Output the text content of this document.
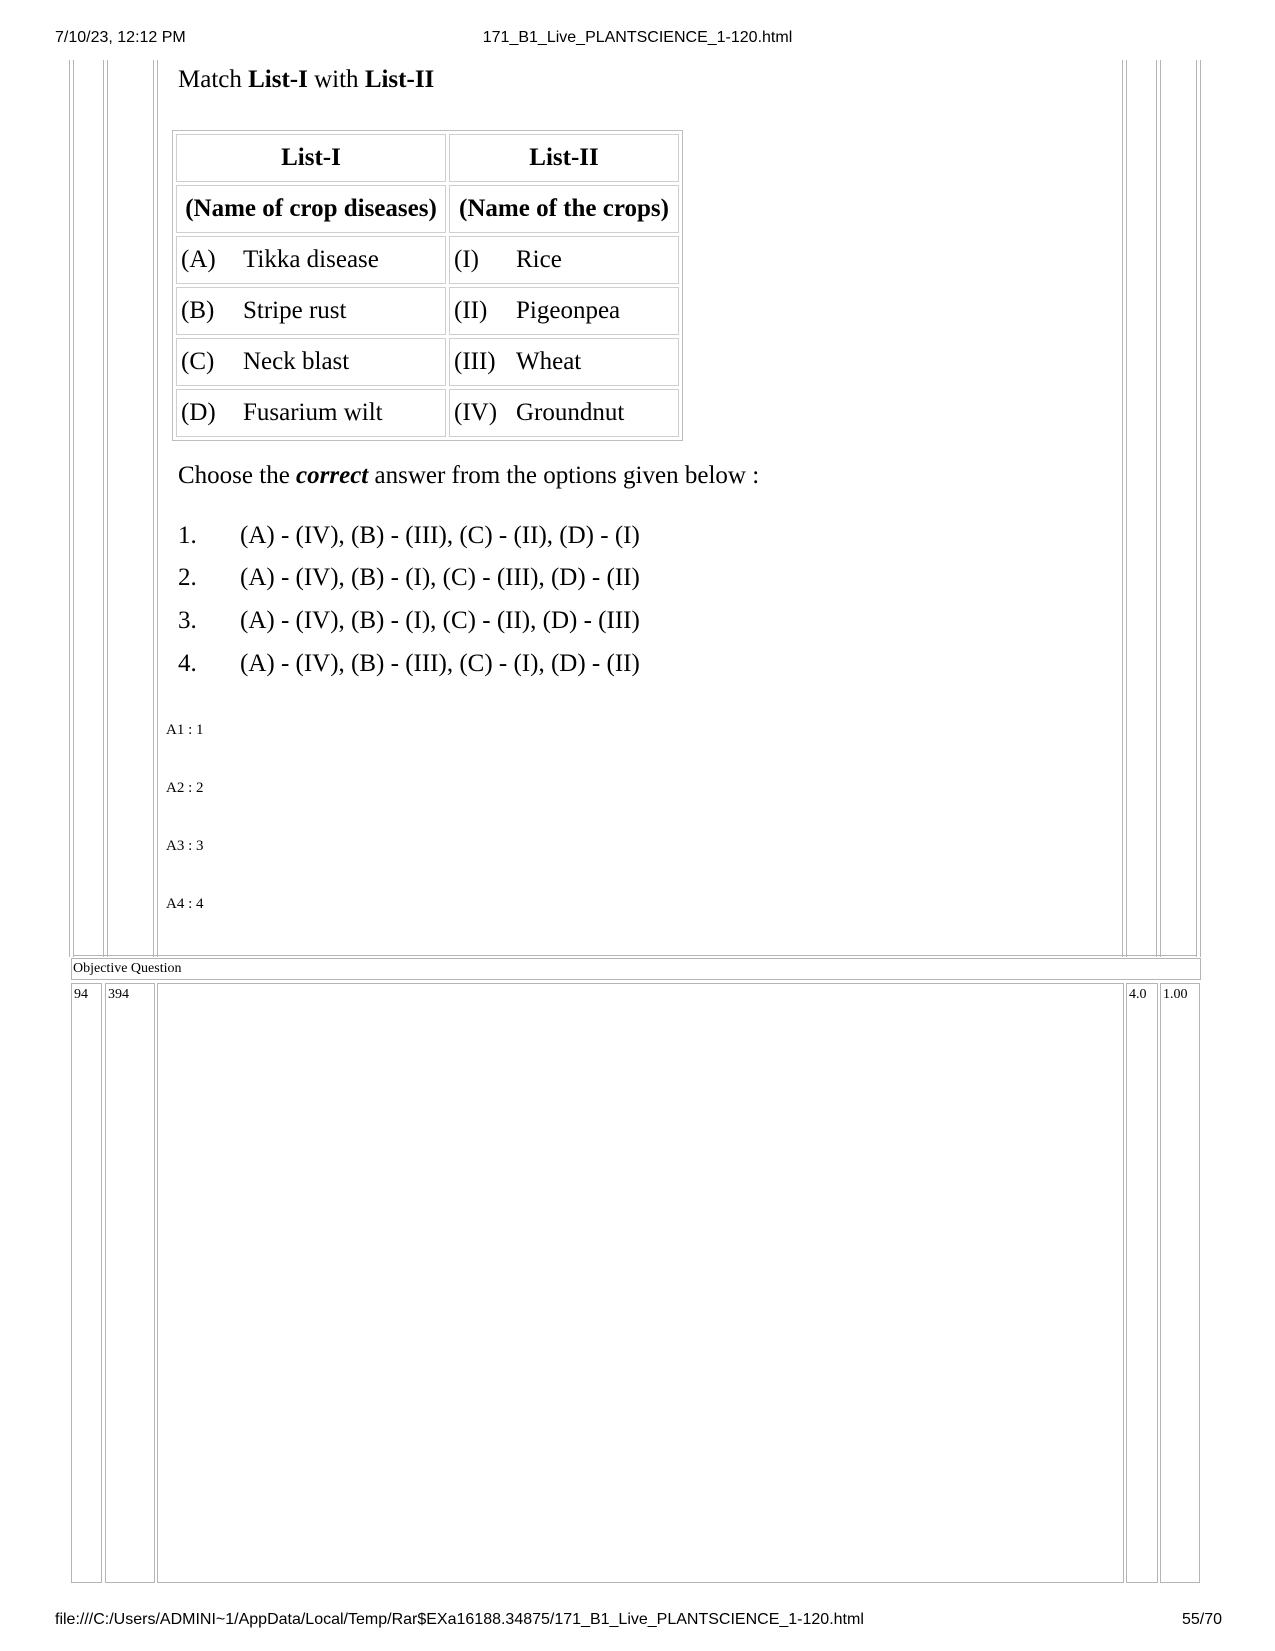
7/10/23, 12:12 PM	171_B1_Live_PLANTSCIENCE_1-120.html
Match List-I with List-II
List-I	List-II
(Name of crop diseases)	(Name of the crops)
(A) Tikka disease	(I) Rice
(B) Stripe rust	(II) Pigeonpea
(C) Neck blast	(III) Wheat
(D) Fusarium wilt	(IV) Groundnut
Choose the correct answer from the options given below :
1. (A) - (IV), (B) - (III), (C) - (II), (D) - (I)
2. (A) - (IV), (B) - (I), (C) - (III), (D) - (II)
3. (A) - (IV), (B) - (I), (C) - (II), (D) - (III)
4. (A) - (IV), (B) - (III), (C) - (I), (D) - (II)
A1 : 1
A2 : 2
A3 : 3
A4 : 4
Objective Question
94 394	4.0 1.00
file:///C:/Users/ADMINI~1/AppData/Local/Temp/Rar$EXa16188.34875/171_B1_Live_PLANTSCIENCE_1-120.html	55/70
